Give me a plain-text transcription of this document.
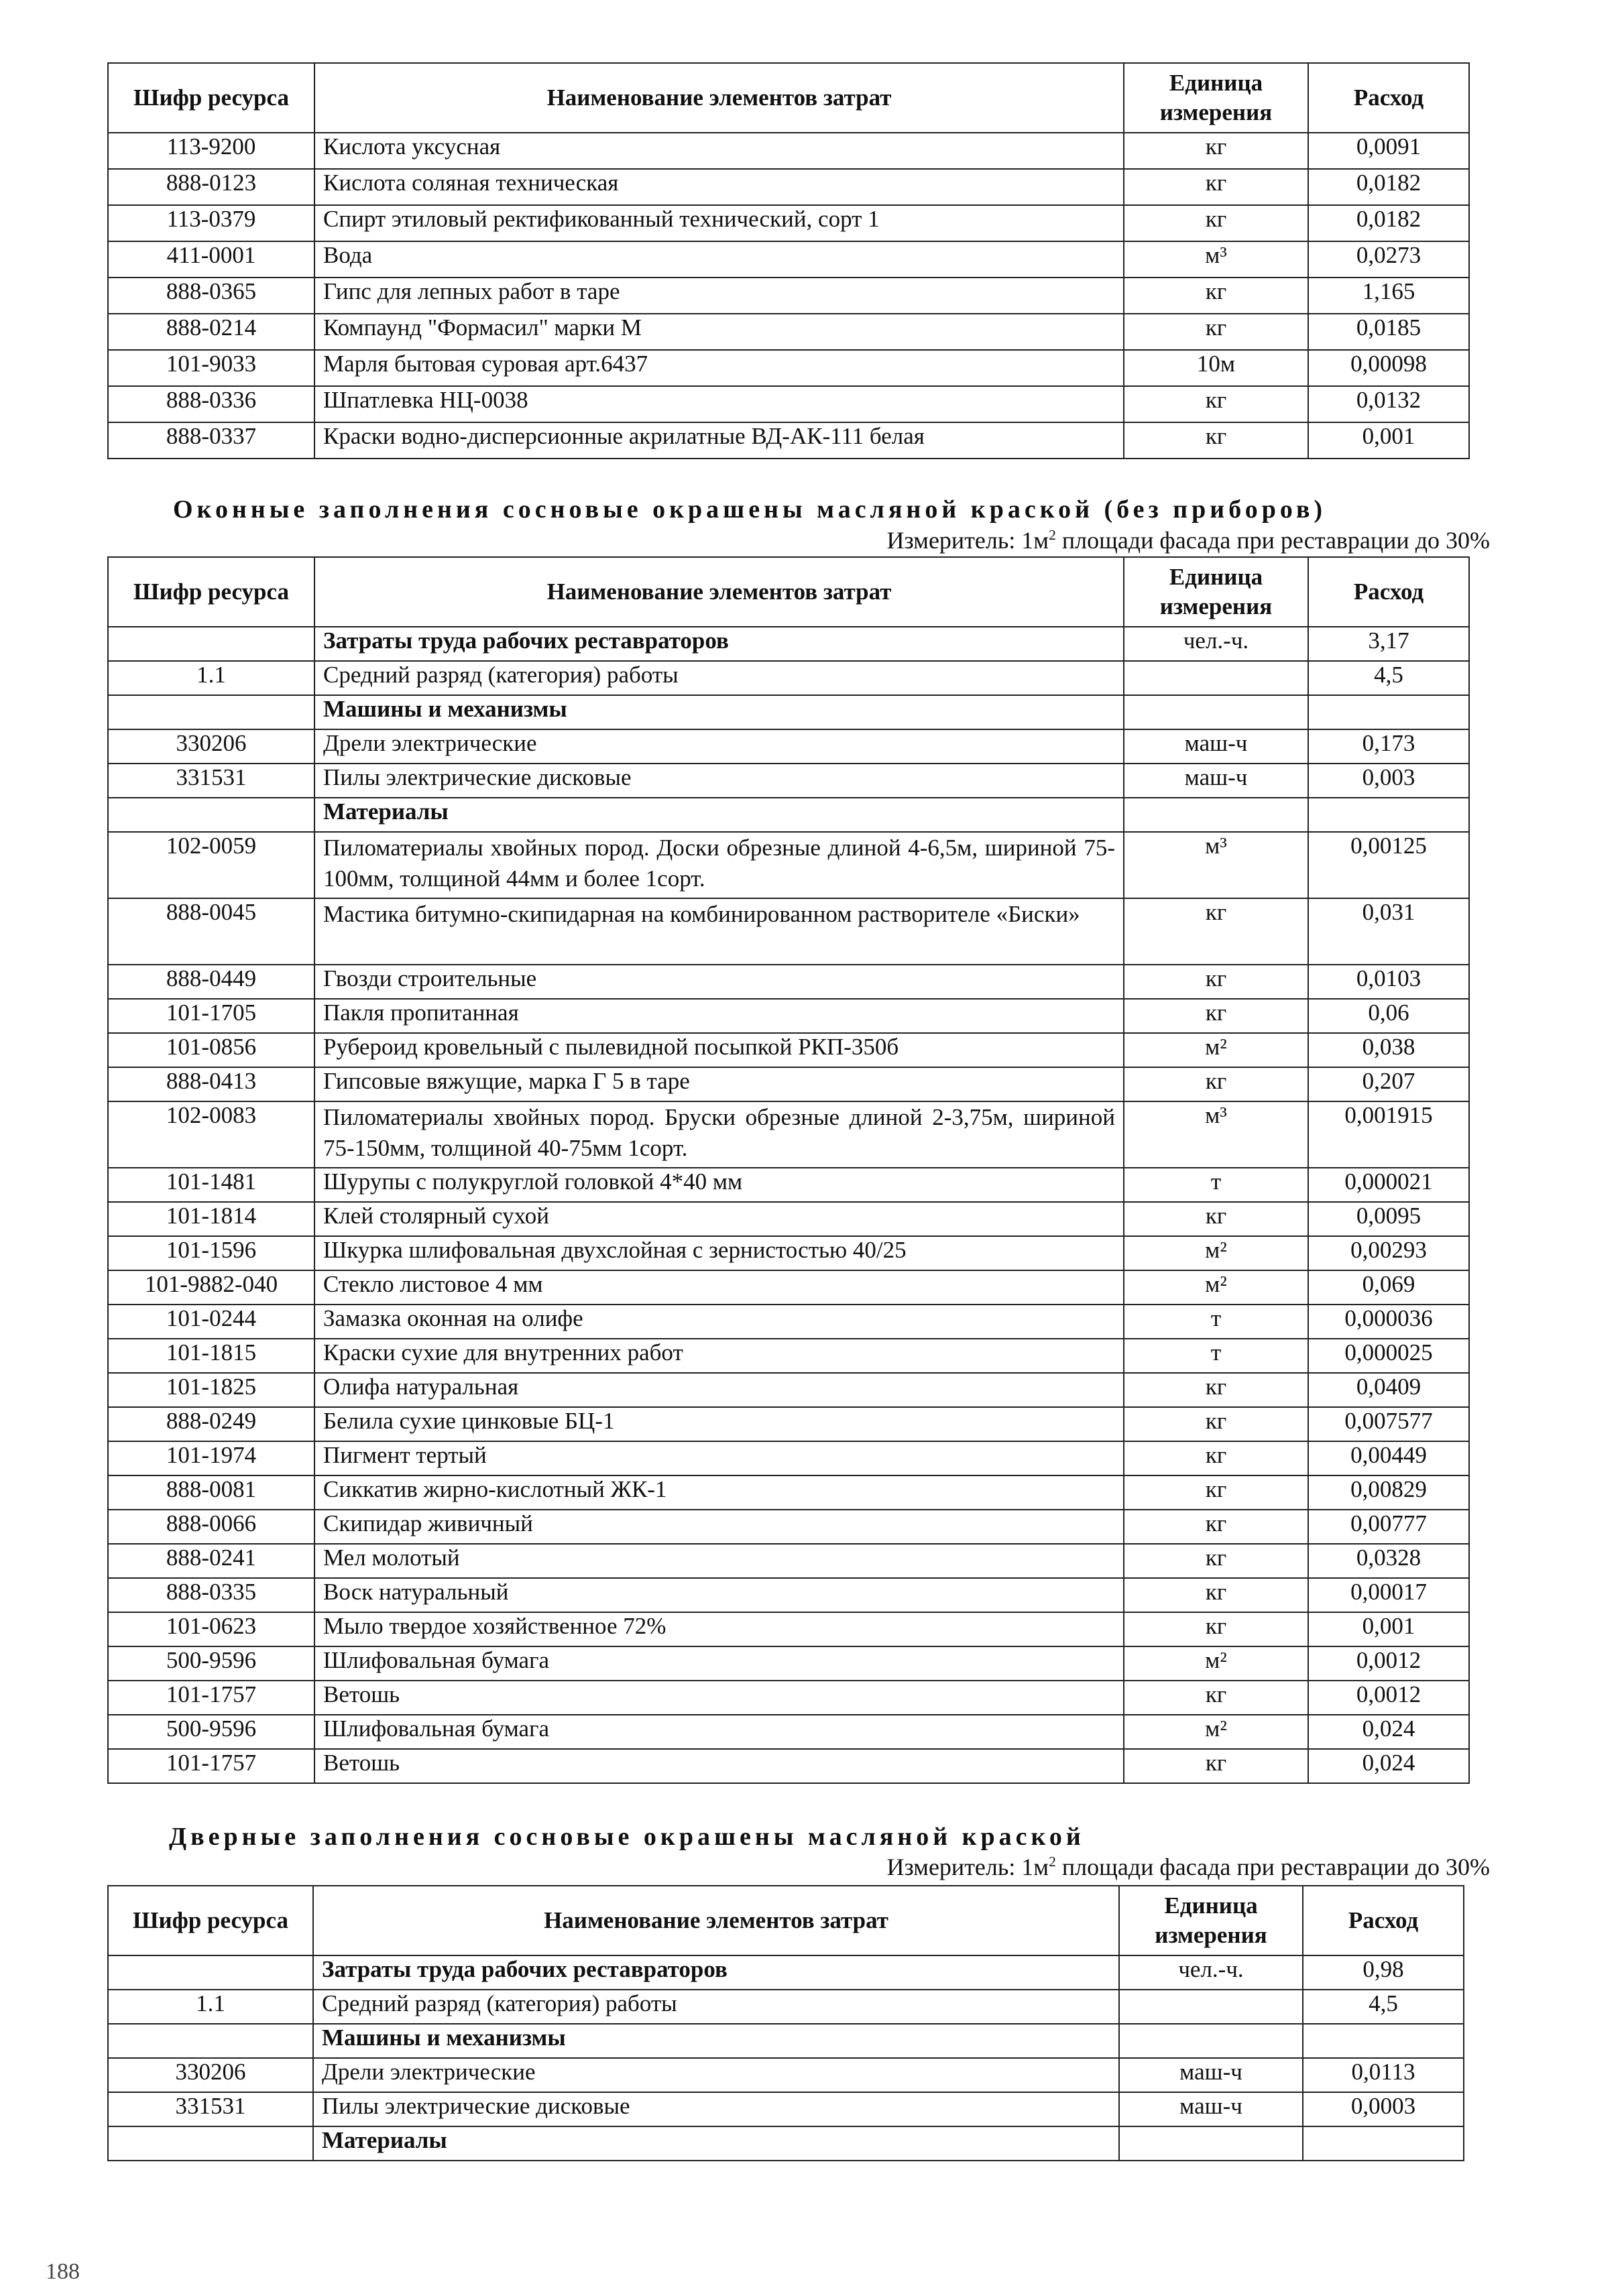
Шифр ресурса	Наименование элементов затрат	Единица измерения	Расход
113-9200	Кислота уксусная	кг	0,0091
888-0123	Кислота соляная техническая	кг	0,0182
113-0379	Спирт этиловый ректификованный технический, сорт 1	кг	0,0182
411-0001	Вода	м³	0,0273
888-0365	Гипс для лепных работ в таре	кг	1,165
888-0214	Компаунд "Формасил" марки М	кг	0,0185
101-9033	Марля бытовая суровая арт.6437	10м	0,00098
888-0336	Шпатлевка НЦ-0038	кг	0,0132
888-0337	Краски водно-дисперсионные акрилатные ВД-АК-111 белая	кг	0,001
Оконные заполнения сосновые окрашены масляной краской (без приборов)
Измеритель: $1м^2$ площади фасада при реставрации до 30%
Шифр ресурса	Наименование элементов затрат	Единица измерения	Расход
	Затраты труда рабочих реставраторов	чел.-ч.	3,17
1.1	Средний разряд (категория) работы		4,5
	Машины и механизмы		
330206	Дрели электрические	маш-ч	0,173
331531	Пилы электрические дисковые	маш-ч	0,003
	Материалы		
102-0059	Пиломатериалы хвойных пород. Доски обрезные длиной 4-6,5м, шириной 75-100мм, толщиной 44мм и более 1сорт.	м³	0,00125
888-0045	Мастика битумно-скипидарная на комбинированном растворителе «Биски»	кг	0,031
888-0449	Гвозди строительные	кг	0,0103
101-1705	Пакля пропитанная	кг	0,06
101-0856	Рубероид кровельный с пылевидной посыпкой РКП-350б	м²	0,038
888-0413	Гипсовые вяжущие, марка Г 5 в таре	кг	0,207
102-0083	Пиломатериалы хвойных пород. Бруски обрезные длиной 2-3,75м, шириной 75-150мм, толщиной 40-75мм 1сорт.	м³	0,001915
101-1481	Шурупы с полукруглой головкой 4*40 мм	т	0,000021
101-1814	Клей столярный сухой	кг	0,0095
101-1596	Шкурка шлифовальная двухслойная с зернистостью 40/25	м²	0,00293
101-9882-040	Стекло листовое 4 мм	м²	0,069
101-0244	Замазка оконная на олифе	т	0,000036
101-1815	Краски сухие для внутренних работ	т	0,000025
101-1825	Олифа натуральная	кг	0,0409
888-0249	Белила сухие цинковые БЦ-1	кг	0,007577
101-1974	Пигмент тертый	кг	0,00449
888-0081	Сиккатив жирно-кислотный ЖК-1	кг	0,00829
888-0066	Скипидар живичный	кг	0,00777
888-0241	Мел молотый	кг	0,0328
888-0335	Воск натуральный	кг	0,00017
101-0623	Мыло твердое хозяйственное 72%	кг	0,001
500-9596	Шлифовальная бумага	м²	0,0012
101-1757	Ветошь	кг	0,0012
500-9596	Шлифовальная бумага	м²	0,024
101-1757	Ветошь	кг	0,024
Дверные заполнения сосновые окрашены масляной краской
Измеритель: $1м^2$ площади фасада при реставрации до 30%
Шифр ресурса	Наименование элементов затрат	Единица измерения	Расход
	Затраты труда рабочих реставраторов	чел.-ч.	0,98
1.1	Средний разряд (категория) работы		4,5
	Машины и механизмы		
330206	Дрели электрические	маш-ч	0,0113
331531	Пилы электрические дисковые	маш-ч	0,0003
	Материалы		
188
